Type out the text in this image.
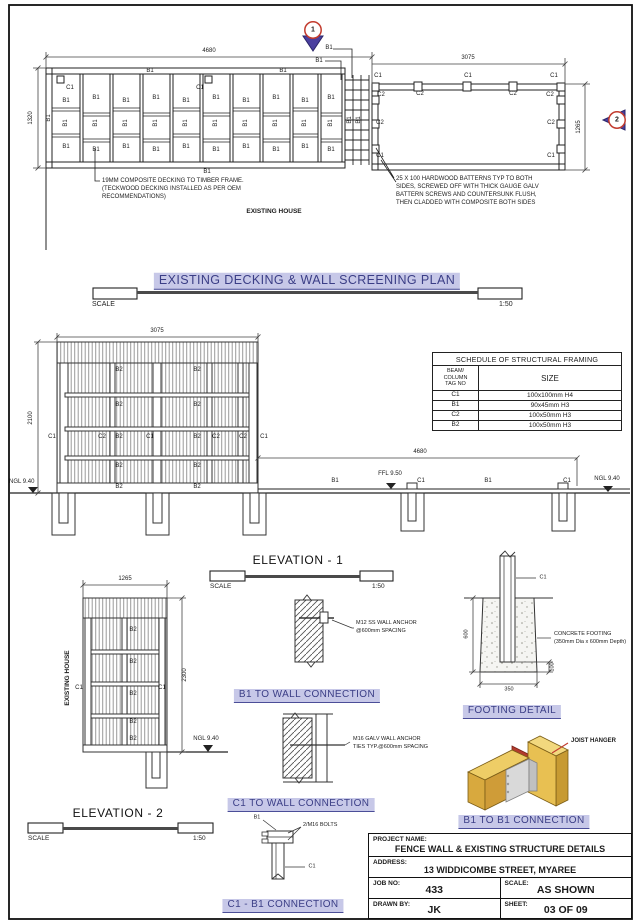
4680
B1	B1
1320 B1
C1	C1
B1	B1	B1	B1	B1	B1	B1	B1	B1	B1
B1	B1	B1	B1	B1	B1	B1	B1	B1	B1
B1	B1	B1	B1	B1	B1	B1	B1	B1	B1
B1
B1
B1
B1 B1
1
3075
C1	C1	C1
C2	C2	C2	C2
C2	C2
C1	C1
1265
2
19MM COMPOSITE DECKING TO TIMBER FRAME.
(TECKWOOD DECKING INSTALLED AS PER OEM
RECOMMENDATIONS)
EXISTING HOUSE
25 X 100 HARDWOOD BATTERNS TYP TO BOTH
SIDES, SCREWED OFF WITH THICK GAUGE GALV
BATTERN SCREWS AND COUNTERSUNK FLUSH,
THEN CLADDED WITH COMPOSITE BOTH SIDES
EXISTING DECKING & WALL SCREENING PLAN
SCALE	1:50
3075
2100
NGL 9.40
B2	B2
B2	B2
B2	B2
B2	B2
B2	B2
C1	C2	C1	C2	C2 C1
4680
B1
FFL 9.50
C1	B1	C1	NGL 9.40
ELEVATION - 1
SCALE	1:50
SCHEDULE OF STRUCTURAL FRAMING
BEAM/
COLUMN
TAG NO
SIZE
C1	100x100mm H4
B1	90x45mm H3
C2	100x50mm H3
B2	100x50mm H3
1265
2300
EXISTING HOUSE C1	C1
B2
B2
B2
B2
B2	NGL 9.40
ELEVATION - 2
SCALE	1:50
M12 SS WALL ANCHOR
@600mm SPACING
B1 TO WALL CONNECTION
M16 GALV WALL ANCHOR
TIES TYP.@600mm SPACING
C1 TO WALL CONNECTION
B1
2/M16 BOLTS
C1
C1 - B1 CONNECTION
C1
CONCRETE FOOTING
(350mm Dia x 600mm Depth)
600
100
350
FOOTING DETAIL
JOIST HANGER
B1 TO B1 CONNECTION
PROJECT NAME:
FENCE WALL & EXISTING STRUCTURE DETAILS
ADDRESS:
13 WIDDICOMBE STREET, MYAREE
JOB NO:
433
SCALE:
AS SHOWN
DRAWN BY:	JK	SHEET:	03 OF 09
